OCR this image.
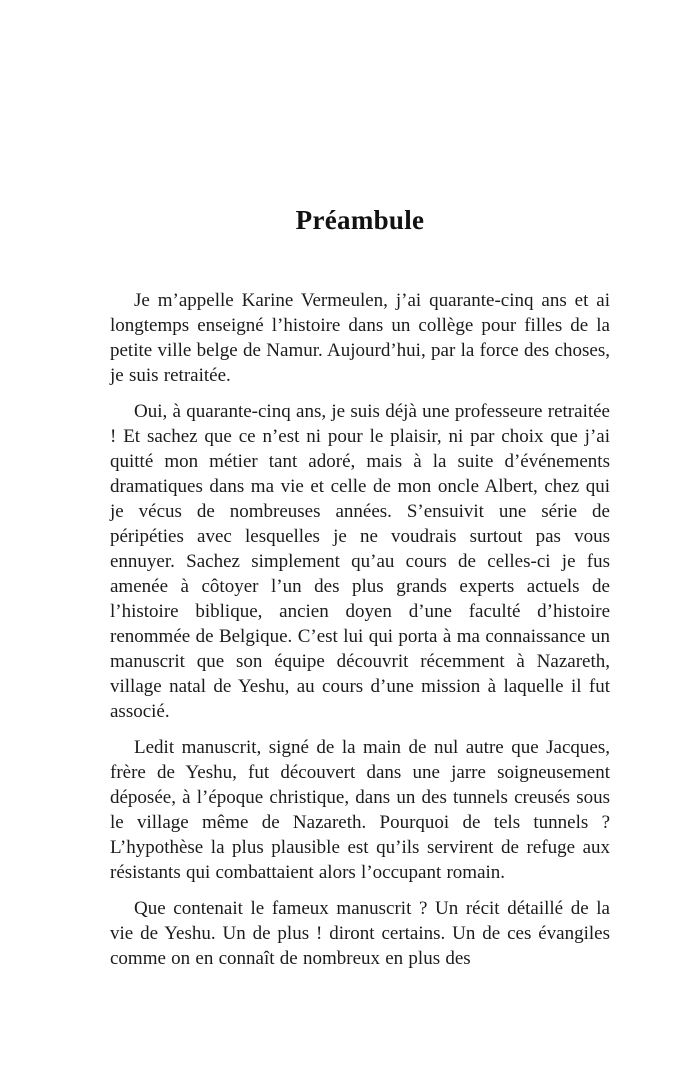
Préambule

Je m’appelle Karine Vermeulen, j’ai quarante-cinq ans et ai longtemps enseigné l’histoire dans un collège pour filles de la petite ville belge de Namur. Aujourd’hui, par la force des choses, je suis retraitée.

Oui, à quarante-cinq ans, je suis déjà une professeure retraitée ! Et sachez que ce n’est ni pour le plaisir, ni par choix que j’ai quitté mon métier tant adoré, mais à la suite d’événements dramatiques dans ma vie et celle de mon oncle Albert, chez qui je vécus de nombreuses années. S’ensuivit une série de péripéties avec lesquelles je ne voudrais surtout pas vous ennuyer. Sachez simplement qu’au cours de celles-ci je fus amenée à côtoyer l’un des plus grands experts actuels de l’histoire biblique, ancien doyen d’une faculté d’histoire renommée de Belgique. C’est lui qui porta à ma connaissance un manuscrit que son équipe découvrit récemment à Nazareth, village natal de Yeshu, au cours d’une mission à laquelle il fut associé.

Ledit manuscrit, signé de la main de nul autre que Jacques, frère de Yeshu, fut découvert dans une jarre soigneusement déposée, à l’époque christique, dans un des tunnels creusés sous le village même de Nazareth. Pourquoi de tels tunnels ? L’hypothèse la plus plausible est qu’ils servirent de refuge aux résistants qui combattaient alors l’occupant romain.

Que contenait le fameux manuscrit ? Un récit détaillé de la vie de Yeshu. Un de plus ! diront certains. Un de ces évangiles comme on en connaît de nombreux en plus des
